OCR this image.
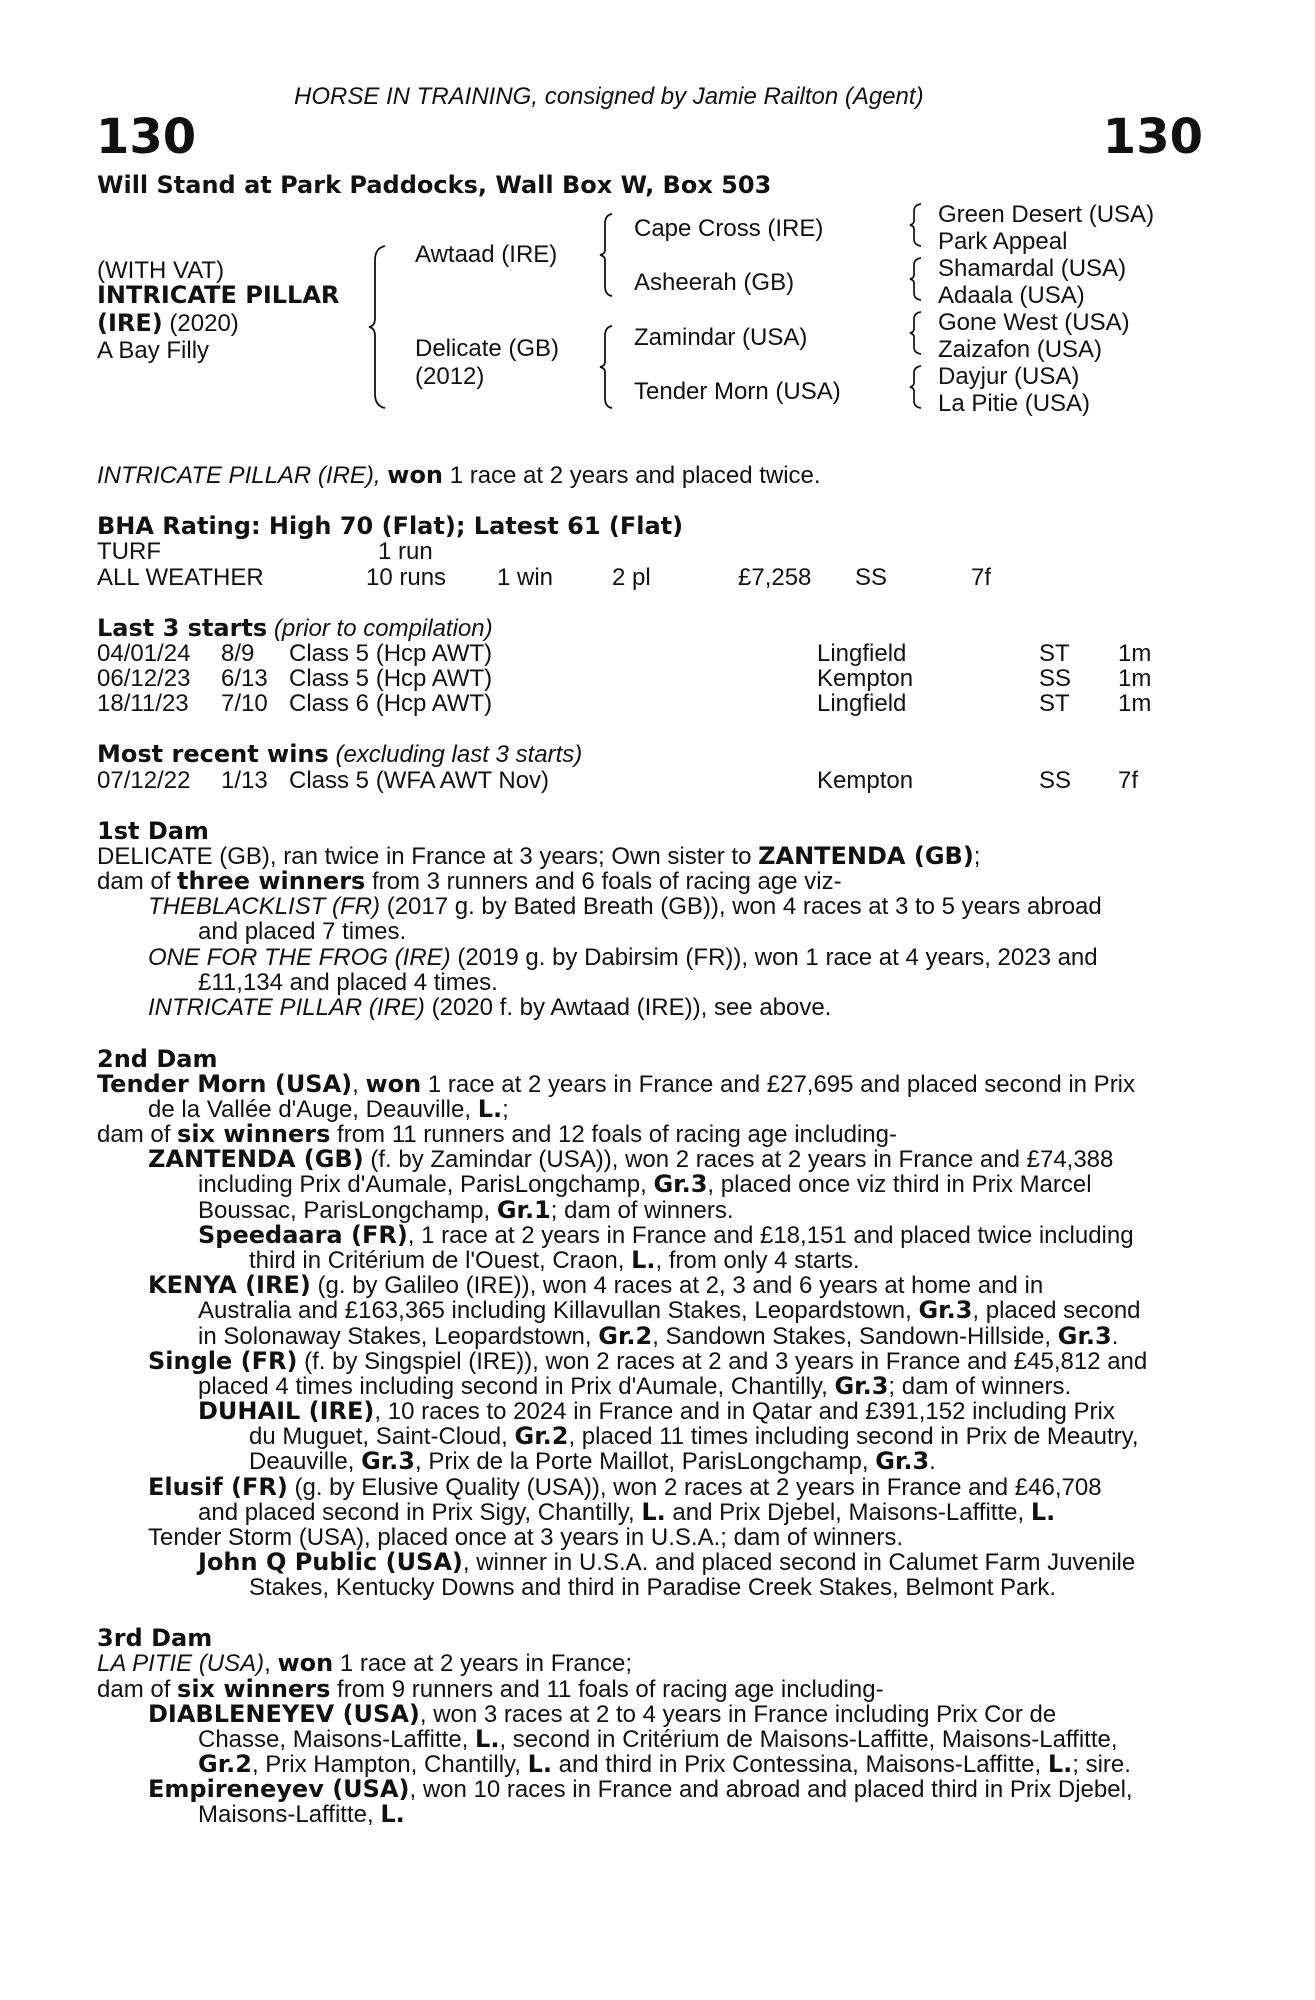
HORSE IN TRAINING, consigned by Jamie Railton (Agent)
130	130
Will Stand at Park Paddocks, Wall Box W, Box 503
(WITH VAT)
INTRICATE PILLAR
(IRE) (2020)
A Bay Filly
Awtaad (IRE)
Delicate (GB)
(2012)
Cape Cross (IRE)
Asheerah (GB)
Zamindar (USA)
Tender Morn (USA)
Green Desert (USA)
Park Appeal
Shamardal (USA)
Adaala (USA)
Gone West (USA)
Zaizafon (USA)
Dayjur (USA)
La Pitie (USA)
INTRICATE PILLAR (IRE), won 1 race at 2 years and placed twice.
BHA Rating: High 70 (Flat); Latest 61 (Flat)
TURF	1 run
ALL WEATHER	10 runs 1 win 2 pl	£7,258 SS	7f
Last 3 starts (prior to compilation)
04/01/24 8/9 Class 5 (Hcp AWT)	Lingfield	ST 1m
06/12/23 6/13 Class 5 (Hcp AWT)	Kempton	SS 1m
18/11/23 7/10 Class 6 (Hcp AWT)	Lingfield	ST 1m
Most recent wins (excluding last 3 starts)
07/12/22 1/13 Class 5 (WFA AWT Nov)	Kempton	SS 7f
1st Dam
DELICATE (GB), ran twice in France at 3 years; Own sister to ZANTENDA (GB);
dam of three winners from 3 runners and 6 foals of racing age viz-
THEBLACKLIST (FR) (2017 g. by Bated Breath (GB)), won 4 races at 3 to 5 years abroad
and placed 7 times.
ONE FOR THE FROG (IRE) (2019 g. by Dabirsim (FR)), won 1 race at 4 years, 2023 and
£11,134 and placed 4 times.
INTRICATE PILLAR (IRE) (2020 f. by Awtaad (IRE)), see above.
2nd Dam
Tender Morn (USA), won 1 race at 2 years in France and £27,695 and placed second in Prix
de la Vallée d'Auge, Deauville, L.;
dam of six winners from 11 runners and 12 foals of racing age including-
ZANTENDA (GB) (f. by Zamindar (USA)), won 2 races at 2 years in France and £74,388
including Prix d'Aumale, ParisLongchamp, Gr.3, placed once viz third in Prix Marcel
Boussac, ParisLongchamp, Gr.1; dam of winners.
Speedaara (FR), 1 race at 2 years in France and £18,151 and placed twice including
third in Critérium de l'Ouest, Craon, L., from only 4 starts.
KENYA (IRE) (g. by Galileo (IRE)), won 4 races at 2, 3 and 6 years at home and in
Australia and £163,365 including Killavullan Stakes, Leopardstown, Gr.3, placed second
in Solonaway Stakes, Leopardstown, Gr.2, Sandown Stakes, Sandown-Hillside, Gr.3.
Single (FR) (f. by Singspiel (IRE)), won 2 races at 2 and 3 years in France and £45,812 and
placed 4 times including second in Prix d'Aumale, Chantilly, Gr.3; dam of winners.
DUHAIL (IRE), 10 races to 2024 in France and in Qatar and £391,152 including Prix
du Muguet, Saint-Cloud, Gr.2, placed 11 times including second in Prix de Meautry,
Deauville, Gr.3, Prix de la Porte Maillot, ParisLongchamp, Gr.3.
Elusif (FR) (g. by Elusive Quality (USA)), won 2 races at 2 years in France and £46,708
and placed second in Prix Sigy, Chantilly, L. and Prix Djebel, Maisons-Laffitte, L.
Tender Storm (USA), placed once at 3 years in U.S.A.; dam of winners.
John Q Public (USA), winner in U.S.A. and placed second in Calumet Farm Juvenile
Stakes, Kentucky Downs and third in Paradise Creek Stakes, Belmont Park.
3rd Dam
LA PITIE (USA), won 1 race at 2 years in France;
dam of six winners from 9 runners and 11 foals of racing age including-
DIABLENEYEV (USA), won 3 races at 2 to 4 years in France including Prix Cor de
Chasse, Maisons-Laffitte, L., second in Critérium de Maisons-Laffitte, Maisons-Laffitte,
Gr.2, Prix Hampton, Chantilly, L. and third in Prix Contessina, Maisons-Laffitte, L.; sire.
Empireneyev (USA), won 10 races in France and abroad and placed third in Prix Djebel,
Maisons-Laffitte, L.
